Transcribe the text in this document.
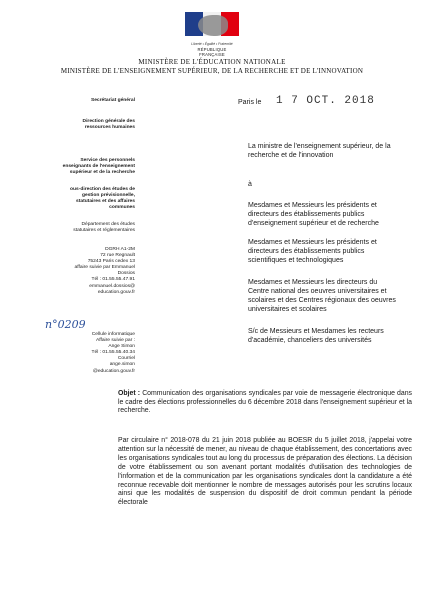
Liberté • Égalité • Fraternité
RÉPUBLIQUE FRANÇAISE
MINISTÈRE DE L'ÉDUCATION NATIONALE
MINISTÈRE DE L'ENSEIGNEMENT SUPÉRIEUR, DE LA RECHERCHE ET DE L'INNOVATION
Secrétariat général
Direction générale des
ressources humaines
Service des personnels
enseignants de l'enseignement
supérieur et de la recherche
ous-direction des études de
gestion prévisionnelle,
statutaires et des affaires
communes
Département des études
statutaires et réglementaires
DGRH A1-2M
72 rue Regnault
75243 Paris cedex 13
affaire suivie par Emmanuel
Dossios
Tél : 01.55.55.47.91
emmanuel.dossios@
education.gouv.fr
n°0209
Cellule informatique
Affaire suivie par :
Ange Simon
Tél : 01.55.55.40.34
Courriel
ange.simon
@education.gouv.fr
Paris le 1 7 OCT. 2018
La ministre de l'enseignement supérieur, de la
recherche et de l'innovation
à
Mesdames et Messieurs les présidents et
directeurs des établissements publics
d'enseignement supérieur et de recherche
Mesdames et Messieurs les présidents et
directeurs des établissements publics
scientifiques et technologiques
Mesdames et Messieurs les directeurs du
Centre national des oeuvres universitaires et
scolaires et des Centres régionaux des oeuvres
universitaires et scolaires
S/c de Messieurs et Mesdames les recteurs
d'académie, chanceliers des universités
Objet : Communication des organisations syndicales par voie de messagerie électronique dans le cadre des élections professionnelles du 6 décembre 2018 dans l'enseignement supérieur et la recherche.
Par circulaire n° 2018-078 du 21 juin 2018 publiée au BOESR du 5 juillet 2018, j'appelai votre attention sur la nécessité de mener, au niveau de chaque établissement, des concertations avec les organisations syndicales tout au long du processus de préparation des élections. La décision de votre établissement ou son avenant portant modalités d'utilisation des technologies de l'information et de la communication par les organisations syndicales dont la candidature a été reconnue recevable doit mentionner le nombre de messages autorisés pour les scrutins locaux ainsi que les modalités de suspension du dispositif de droit commun pendant la période électorale
